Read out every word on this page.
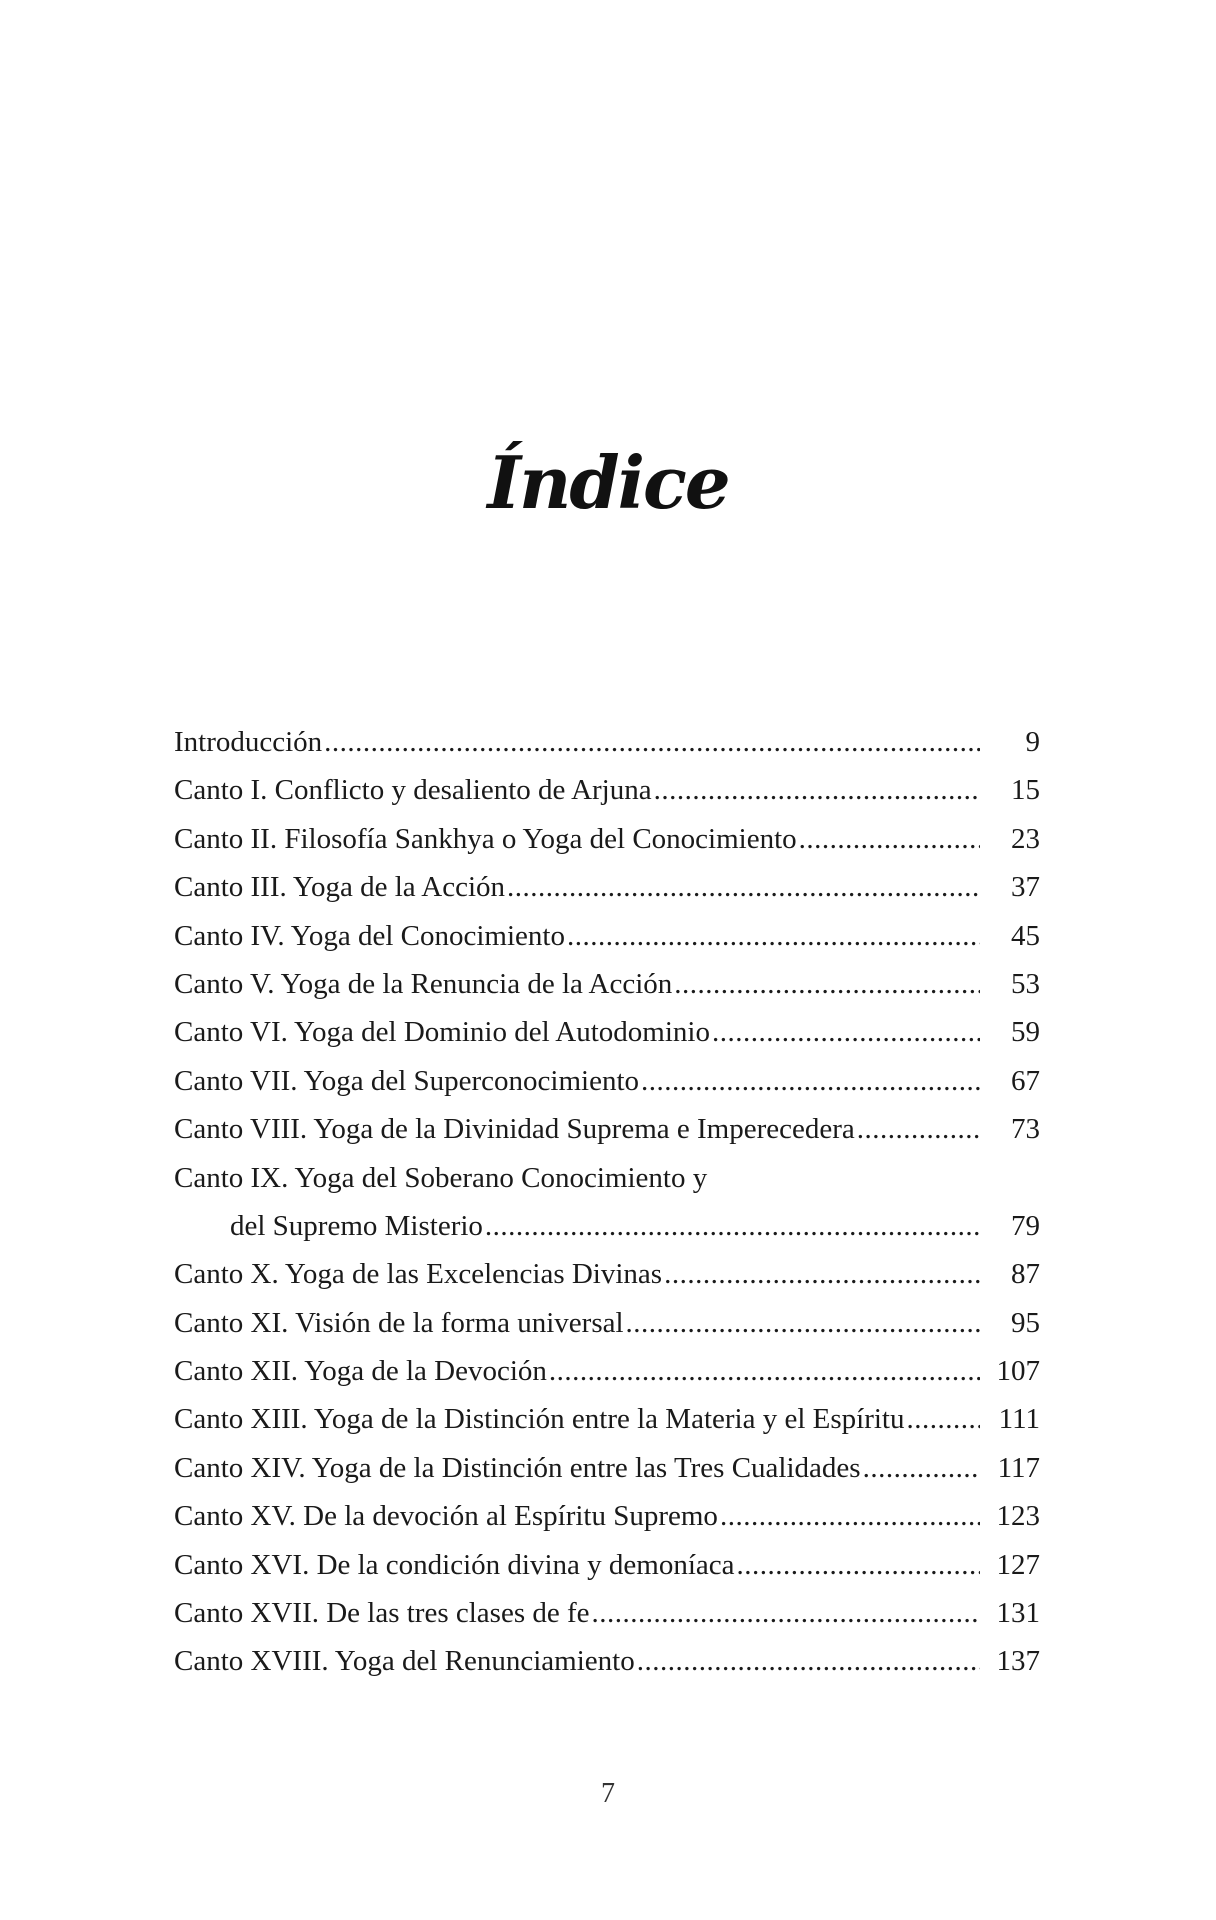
Índice
Introducción .....	9
Canto I. Conflicto y desaliento de Arjuna .....	15
Canto II. Filosofía Sankhya o Yoga del Conocimiento .....	23
Canto III. Yoga de la Acción .....	37
Canto IV. Yoga del Conocimiento .....	45
Canto V. Yoga de la Renuncia de la Acción .....	53
Canto VI. Yoga del Dominio del Autodominio .....	59
Canto VII. Yoga del Superconocimiento .....	67
Canto VIII. Yoga de la Divinidad Suprema e Imperecedera .....	73
Canto IX. Yoga del Soberano Conocimiento y
del Supremo Misterio .....	79
Canto X. Yoga de las Excelencias Divinas .....	87
Canto XI. Visión de la forma universal .....	95
Canto XII. Yoga de la Devoción .....	107
Canto XIII. Yoga de la Distinción entre la Materia y el Espíritu .....	111
Canto XIV. Yoga de la Distinción entre las Tres Cualidades .....	117
Canto XV. De la devoción al Espíritu Supremo .....	123
Canto XVI. De la condición divina y demoníaca .....	127
Canto XVII. De las tres clases de fe .....	131
Canto XVIII. Yoga del Renunciamiento .....	137
7
